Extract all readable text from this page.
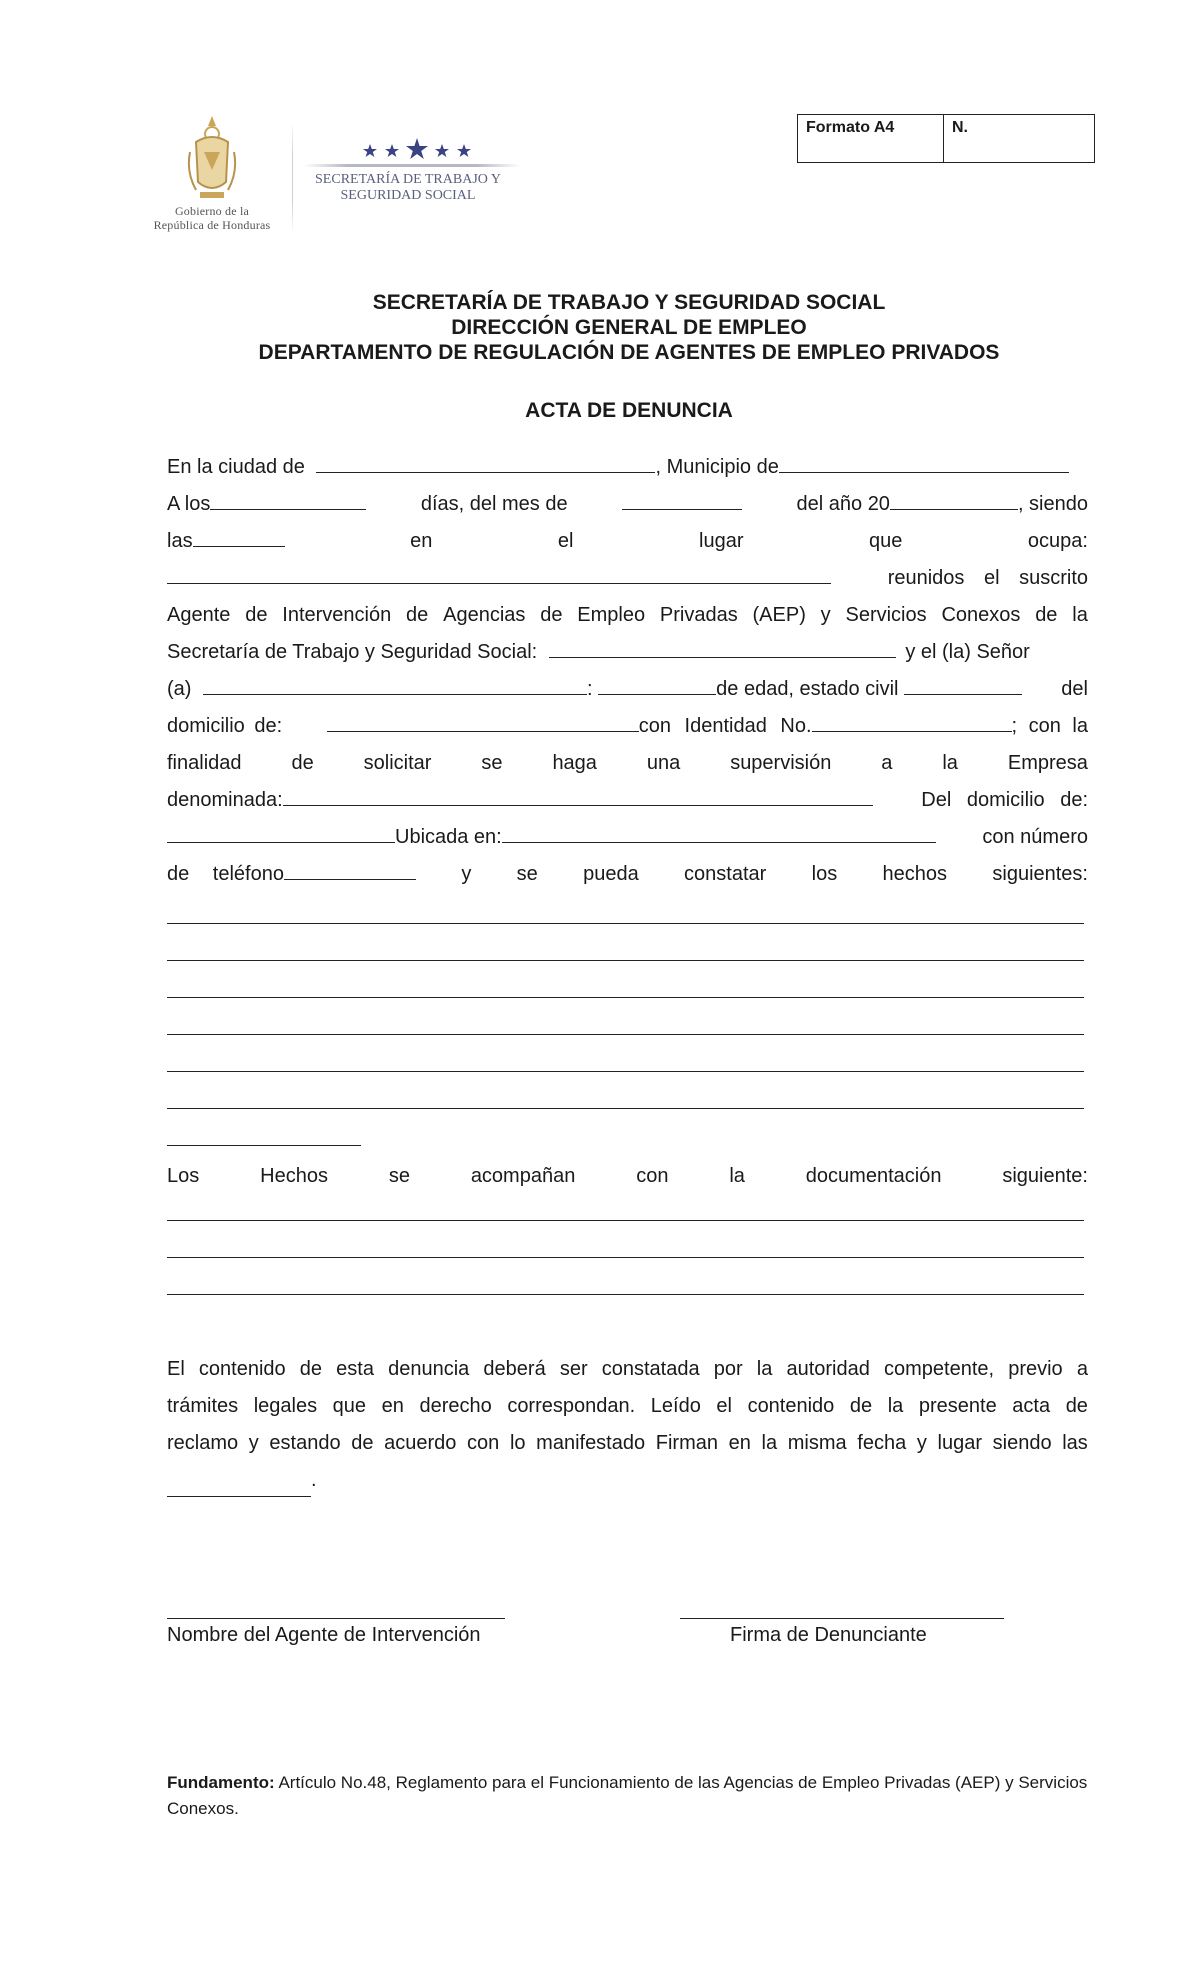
Gobierno de la
República de Honduras
SECRETARÍA DE TRABAJO Y
SEGURIDAD SOCIAL
Formato A4	N.
SECRETARÍA DE TRABAJO Y SEGURIDAD SOCIAL
DIRECCIÓN GENERAL DE EMPLEO
DEPARTAMENTO DE REGULACIÓN DE AGENTES DE EMPLEO PRIVADOS
ACTA DE DENUNCIA
En la ciudad de	, Municipio de
A los	días, del mes de	del año 20	, siendo
las	en	el	lugar	que	ocupa:
reunidos el suscrito
Agente de Intervención de Agencias de Empleo Privadas (AEP) y Servicios Conexos de la
Secretaría de Trabajo y Seguridad Social:	y el (la) Señor
(a)	:	de edad, estado civil	del
domicilio de:	con Identidad No.	; con la
finalidad de solicitar se haga una supervisión a la Empresa
denominada:	Del domicilio de:
Ubicada en:	con número
de teléfono	y se pueda constatar los hechos siguientes:
Los	Hechos	se	acompañan	con	la	documentación	siguiente:
El contenido de esta denuncia deberá ser constatada por la autoridad competente, previo a
trámites legales que en derecho correspondan. Leído el contenido de la presente acta de
reclamo y estando de acuerdo con lo manifestado Firman en la misma fecha y lugar siendo las
.
Nombre del Agente de Intervención	Firma de Denunciante
Fundamento: Artículo No.48, Reglamento para el Funcionamiento de las Agencias de Empleo Privadas (AEP) y Servicios Conexos.
